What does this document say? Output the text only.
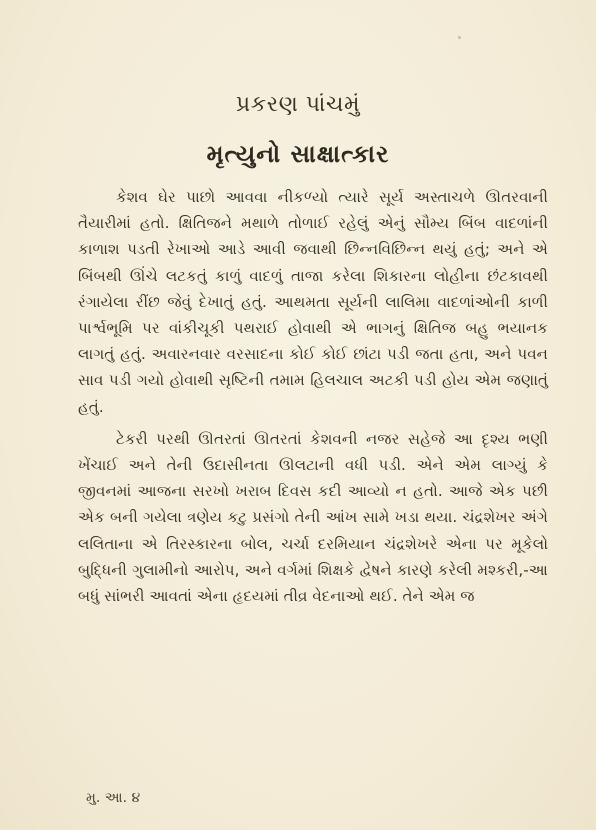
પ્રકરણ પાંચમું
મૃત્યુનો સાક્ષાત્કાર

કેશવ ઘેર પાછો આવવા નીકળ્યો ત્યારે સૂર્ય અસ્તાચળે ઊતરવાની તૈયારીમાં હતો. ક્ષિતિજને મથાળે તોળાઈ રહેલું એનું સૌમ્ય બિંબ વાદળાંની કાળાશ પડતી રેખાઓ આડે આવી જવાથી છિન્નવિછિન્ન થયું હતું; અને એ બિંબથી ઊંચે લટકતું કાળું વાદળું તાજા કરેલા શિકારના લોહીના છંટકાવથી રંગાયેલા રીંછ જેવું દેખાતું હતું. આથમતા સૂર્યની લાલિમા વાદળાંઓની કાળી પાર્શ્વભૂમિ પર વાંકીચૂકી પથરાઈ હોવાથી એ ભાગનું ક્ષિતિજ બહુ ભયાનક લાગતું હતું. અવારનવાર વરસાદના કોઈ કોઈ છાંટા પડી જતા હતા, અને પવન સાવ પડી ગયો હોવાથી સૃષ્ટિની તમામ હિલચાલ અટકી પડી હોય એમ જણાતું હતું.

ટેકરી પરથી ઊતરતાં ઊતરતાં કેશવની નજર સહેજે આ દૃશ્ય ભણી ખેંચાઈ અને તેની ઉદાસીનતા ઊલટાની વધી પડી. એને એમ લાગ્યું કે જીવનમાં આજના સરખો ખરાબ દિવસ કદી આવ્યો ન હતો. આજે એક પછી એક બની ગયેલા ત્રણેય કટુ પ્રસંગો તેની આંખ સામે ખડા થયા. ચંદ્રશેખર અંગે લલિતાના એ તિરસ્કારના બોલ, ચર્ચા દરમિયાન ચંદ્રશેખરે એના પર મૂકેલો બુદ્ધિની ગુલામીનો આરોપ, અને વર્ગમાં શિક્ષકે દ્વેષને કારણે કરેલી મશ્કરી,-આ બધું સાંભરી આવતાં એના હૃદયમાં તીવ્ર વેદનાઓ થઈ. તેને એમ જ

મુ. આ. ૪
